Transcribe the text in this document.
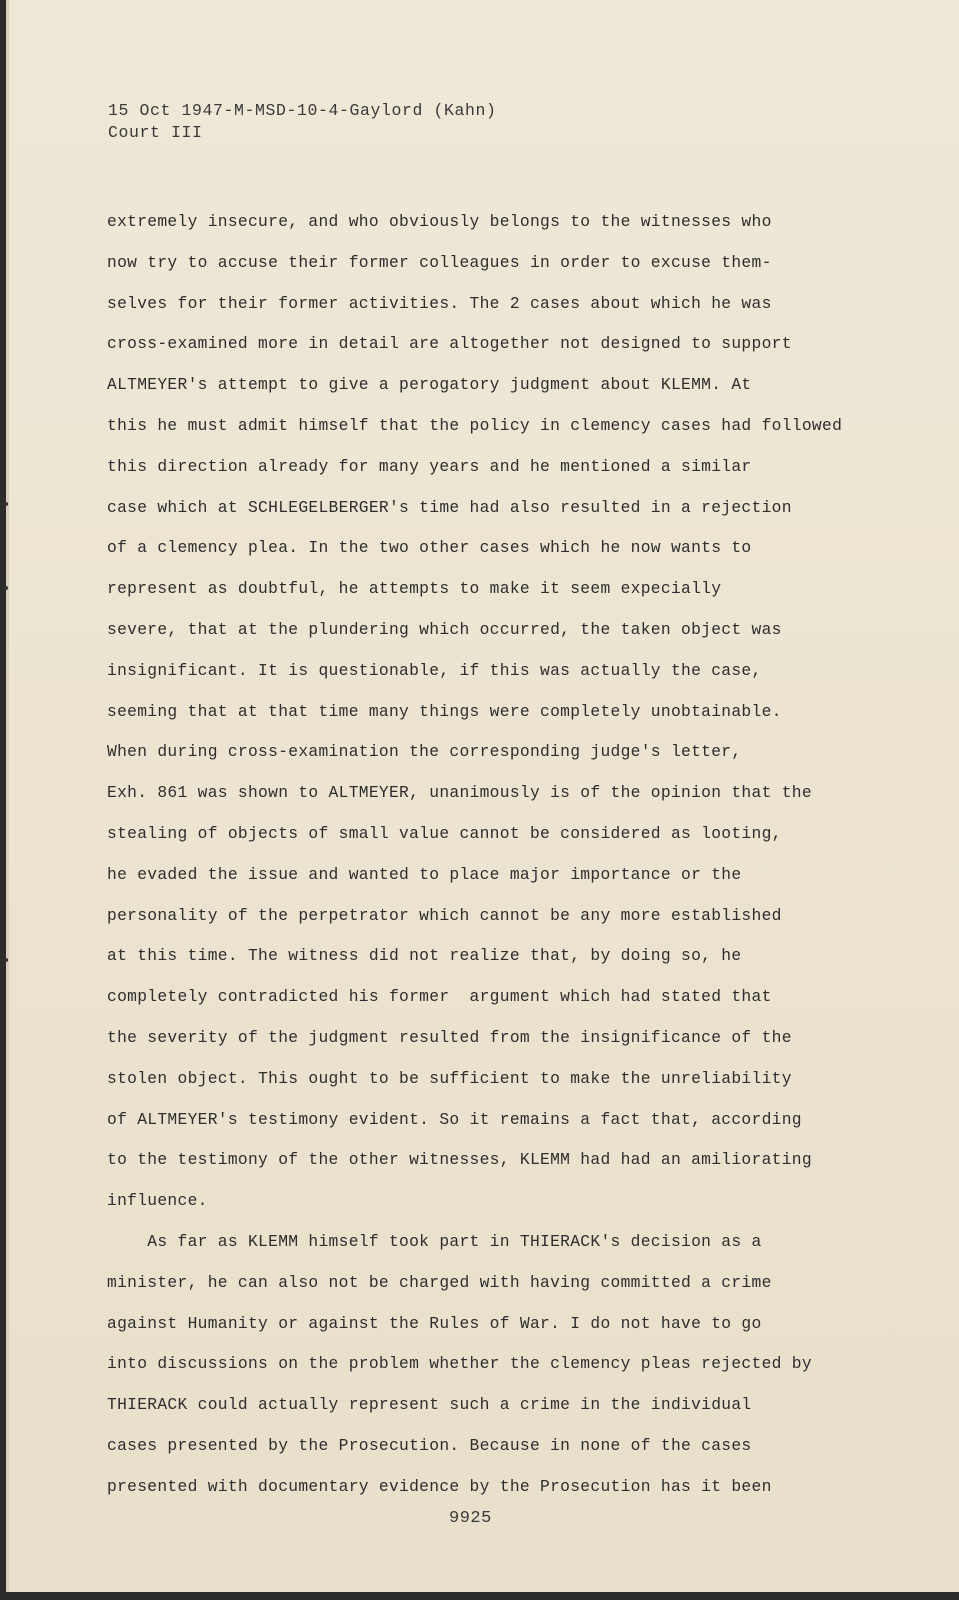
15 Oct 1947-M-MSD-10-4-Gaylord (Kahn)
Court III
extremely insecure, and who obviously belongs to the witnesses who
now try to accuse their former colleagues in order to excuse them-
selves for their former activities. The 2 cases about which he was
cross-examined more in detail are altogether not designed to support
ALTMEYER's attempt to give a perogatory judgment about KLEMM. At
this he must admit himself that the policy in clemency cases had followed
this direction already for many years and he mentioned a similar
case which at SCHLEGELBERGER's time had also resulted in a rejection
of a clemency plea. In the two other cases which he now wants to
represent as doubtful, he attempts to make it seem expecially
severe, that at the plundering which occurred, the taken object was
insignificant. It is questionable, if this was actually the case,
seeming that at that time many things were completely unobtainable.
When during cross-examination the corresponding judge's letter,
Exh. 861 was shown to ALTMEYER, unanimously is of the opinion that the
stealing of objects of small value cannot be considered as looting,
he evaded the issue and wanted to place major importance or the
personality of the perpetrator which cannot be any more established
at this time. The witness did not realize that, by doing so, he
completely contradicted his former  argument which had stated that
the severity of the judgment resulted from the insignificance of the
stolen object. This ought to be sufficient to make the unreliability
of ALTMEYER's testimony evident. So it remains a fact that, according
to the testimony of the other witnesses, KLEMM had had an amiliorating
influence.
As far as KLEMM himself took part in THIERACK's decision as a
minister, he can also not be charged with having committed a crime
against Humanity or against the Rules of War. I do not have to go
into discussions on the problem whether the clemency pleas rejected by
THIERACK could actually represent such a crime in the individual
cases presented by the Prosecution. Because in none of the cases
presented with documentary evidence by the Prosecution has it been
9925
